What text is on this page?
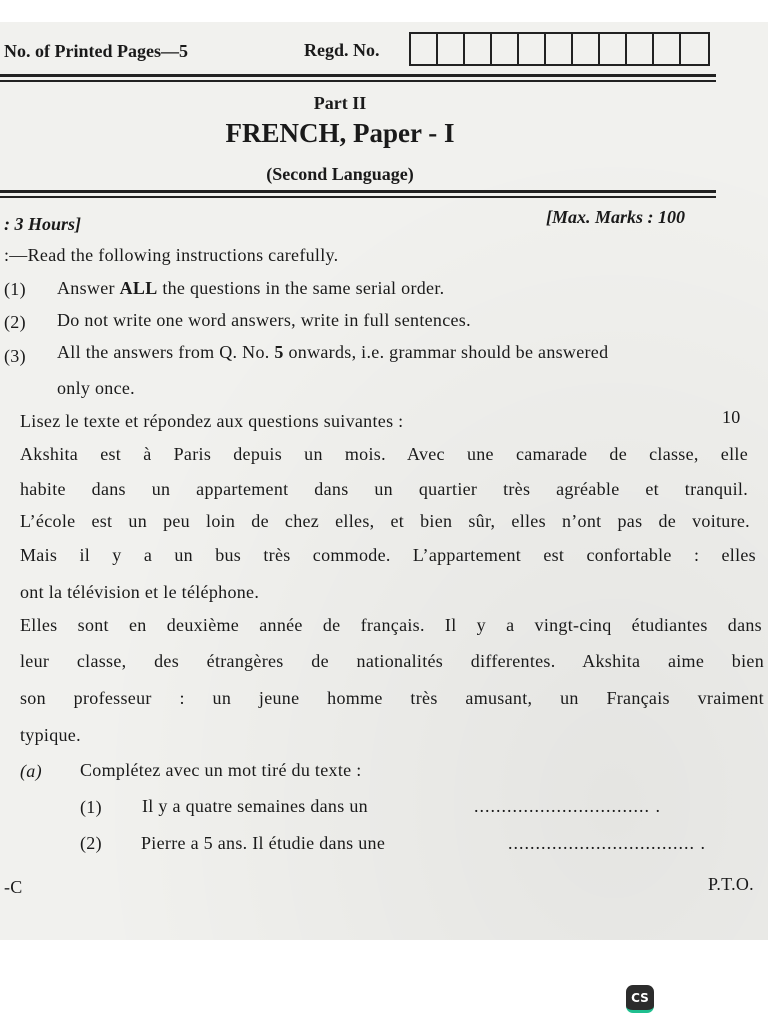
No. of Printed Pages—5	Regd. No.
Part II
FRENCH, Paper - I
(Second Language)
: 3 Hours]	[Max. Marks : 100
:—Read the following instructions carefully.
(1) Answer ALL the questions in the same serial order.
(2) Do not write one word answers, write in full sentences.
(3) All the answers from Q. No. 5 onwards, i.e. grammar should be answered
only once.
Lisez le texte et répondez aux questions suivantes :	10
Akshita est à Paris depuis un mois. Avec une camarade de classe, elle
habite dans un appartement dans un quartier très agréable et tranquil.
L’école est un peu loin de chez elles, et bien sûr, elles n’ont pas de voiture.
Mais il y a un bus très commode. L’appartement est confortable : elles
ont la télévision et le téléphone.
Elles sont en deuxième année de français. Il y a vingt-cinq étudiantes dans
leur classe, des étrangères de nationalités differentes. Akshita aime bien
son professeur : un jeune homme très amusant, un Français vraiment
typique.
(a) Complétez avec un mot tiré du texte :
(1) Il y a quatre semaines dans un	................................ .
(2) Pierre a 5 ans. Il étudie dans une	.................................. .
-C	P.T.O.
CS
